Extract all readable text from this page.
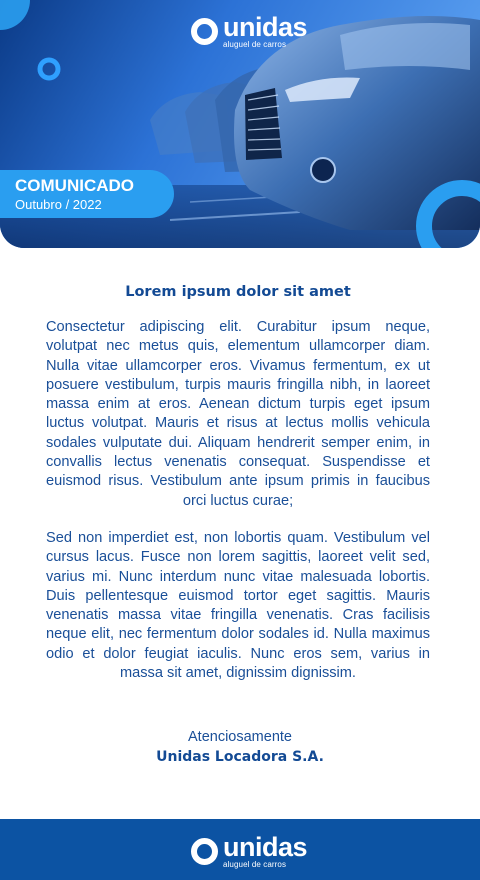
unidas
aluguel de carros
COMUNICADO
Outubro / 2022
Lorem ipsum dolor sit amet

Consectetur adipiscing elit. Curabitur ipsum neque, volutpat nec metus quis, elementum ullamcorper diam. Nulla vitae ullamcorper eros. Vivamus fermentum, ex ut posuere vestibulum, turpis mauris fringilla nibh, in laoreet massa enim at eros. Aenean dictum turpis eget ipsum luctus volutpat. Mauris et risus at lectus mollis vehicula sodales vulputate dui. Aliquam hendrerit semper enim, in convallis lectus venenatis consequat. Suspendisse et euismod risus. Vestibulum ante ipsum primis in faucibus orci luctus curae;

Sed non imperdiet est, non lobortis quam. Vestibulum vel cursus lacus. Fusce non lorem sagittis, laoreet velit sed, varius mi. Nunc interdum nunc vitae malesuada lobortis. Duis pellentesque euismod tortor eget sagittis. Mauris venenatis massa vitae fringilla venenatis. Cras facilisis neque elit, nec fermentum dolor sodales id. Nulla maximus odio et dolor feugiat iaculis. Nunc eros sem, varius in massa sit amet, dignissim dignissim.

Atenciosamente
Unidas Locadora S.A.
unidas
aluguel de carros
